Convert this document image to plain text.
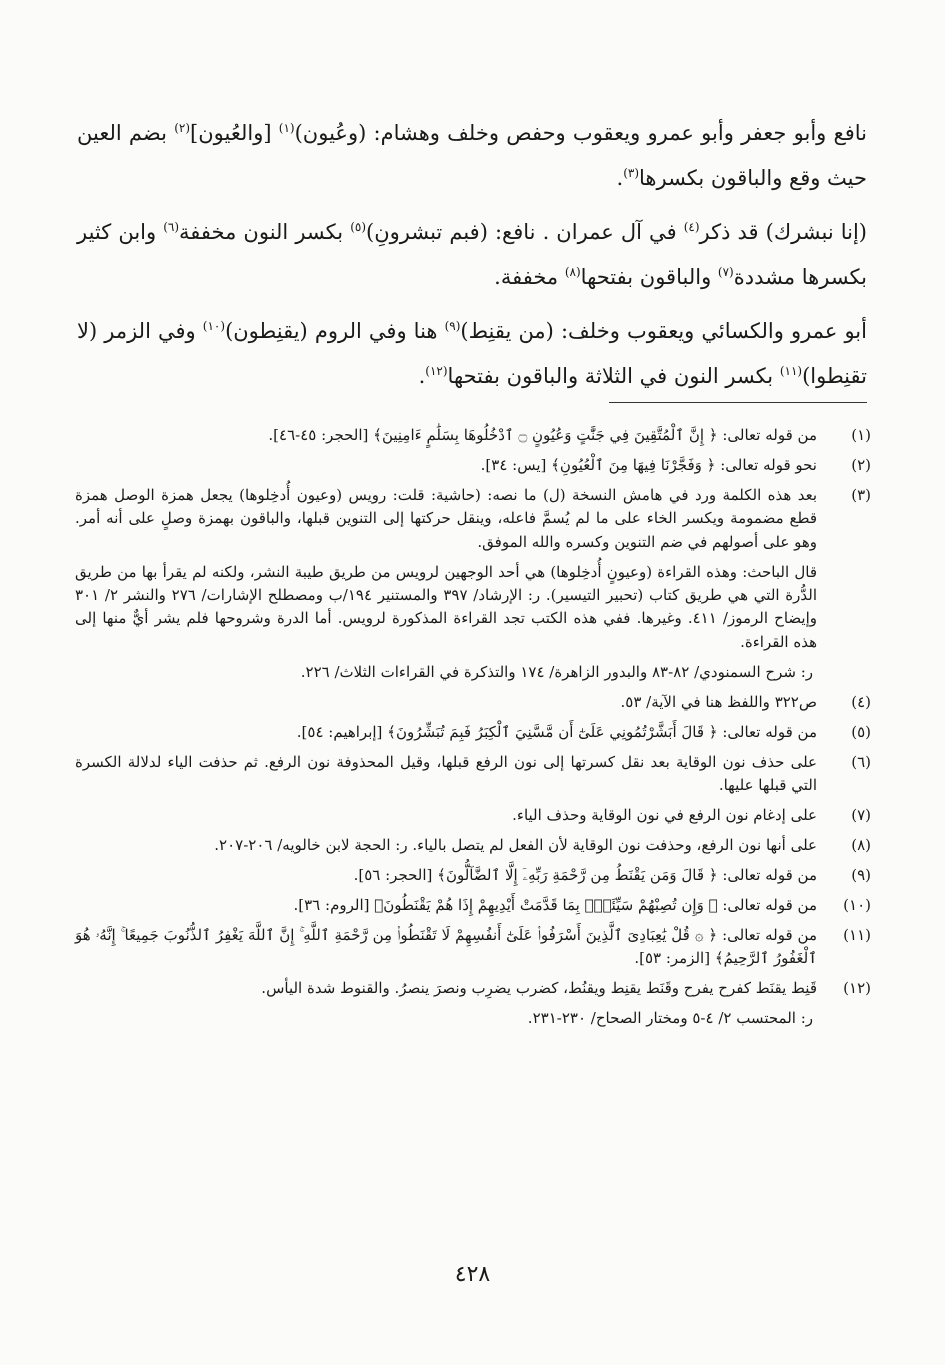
نافع وأبو جعفر وأبو عمرو ويعقوب وحفص وخلف وهشام: (وعُيون)$^{(١)}$ [والعُيون]$^{(٢)}$ بضم العين حيث وقع والباقون بكسرها$^{(٣)}$.

(إنا نبشرك) قد ذكر$^{(٤)}$ في آل عمران . نافع: (فبم تبشرونِ)$^{(٥)}$ بكسر النون مخففة$^{(٦)}$ وابن كثير بكسرها مشددة$^{(٧)}$ والباقون بفتحها$^{(٨)}$ مخففة.

أبو عمرو والكسائي ويعقوب وخلف: (من يقنِط)$^{(٩)}$ هنا وفي الروم (يقنِطون)$^{(١٠)}$ وفي الزمر (لا تقنِطوا)$^{(١١)}$ بكسر النون في الثلاثة والباقون بفتحها$^{(١٢)}$.

(١)
من قوله تعالى: ﴿ إِنَّ ٱلْمُتَّقِينَ فِي جَنَّٰتٍ وَعُيُونٍ ۝ ٱدْخُلُوهَا بِسَلَٰمٍ ءَامِنِينَ﴾ [الحجر: ٤٥-٤٦].
(٢)
نحو قوله تعالى: ﴿ وَفَجَّرْنَا فِيهَا مِنَ ٱلْعُيُونِ﴾ [يس: ٣٤].
(٣)
بعد هذه الكلمة ورد في هامش النسخة (ل) ما نصه: (حاشية: قلت: رويس (وعيون أُدخِلوها) يجعل همزة الوصل همزة قطع مضمومة ويكسر الخاء على ما لم يُسمَّ فاعله، وينقل حركتها إلى التنوين قبلها، والباقون بهمزة وصلٍ على أنه أمر. وهو على أصولهم في ضم التنوين وكسره والله الموفق.
قال الباحث: وهذه القراءة (وعيونٍ أُدخِلوها) هي أحد الوجهين لرويس من طريق طيبة النشر، ولكنه لم يقرأ بها من طريق الدُّرة التي هي طريق كتاب (تحبير التيسير). ر: الإرشاد/ ٣٩٧ والمستنير ١٩٤/ب ومصطلح الإشارات/ ٢٧٦ والنشر ٢/ ٣٠١ وإيضاح الرموز/ ٤١١. وغيرها. ففي هذه الكتب تجد القراءة المذكورة لرويس. أما الدرة وشروحها فلم يشر أيٌّ منها إلى هذه القراءة.
ر: شرح السمنودي/ ٨٢-٨٣ والبدور الزاهرة/ ١٧٤ والتذكرة في القراءات الثلاث/ ٢٢٦.
(٤)
ص٣٢٢ واللفظ هنا في الآية/ ٥٣.
(٥)
من قوله تعالى: ﴿ قَالَ أَبَشَّرْتُمُونِي عَلَىٰٓ أَن مَّسَّنِيَ ٱلْكِبَرُ فَبِمَ تُبَشِّرُونَ﴾ [إبراهيم: ٥٤].
(٦)
على حذف نون الوقاية بعد نقل كسرتها إلى نون الرفع قبلها، وقيل المحذوفة نون الرفع. ثم حذفت الياء لدلالة الكسرة التي قبلها عليها.
(٧)
على إدغام نون الرفع في نون الوقاية وحذف الياء.
(٨)
على أنها نون الرفع، وحذفت نون الوقاية لأن الفعل لم يتصل بالياء. ر: الحجة لابن خالويه/ ٢٠٦-٢٠٧.
(٩)
من قوله تعالى: ﴿ قَالَ وَمَن يَقْنَطُ مِن رَّحْمَةِ رَبِّهِۦٓ إِلَّا ٱلضَّآلُّونَ﴾ [الحجر: ٥٦].
(١٠)
من قوله تعالى: ﴿ وَإِن تُصِبْهُمْ سَيِّئَةٌۢ بِمَا قَدَّمَتْ أَيْدِيهِمْ إِذَا هُمْ يَقْنَطُونَ﴾ [الروم: ٣٦].
(١١)
من قوله تعالى: ﴿ ۞ قُلْ يَٰعِبَادِىَ ٱلَّذِينَ أَسْرَفُوا۟ عَلَىٰٓ أَنفُسِهِمْ لَا تَقْنَطُوا۟ مِن رَّحْمَةِ ٱللَّهِ ۚ إِنَّ ٱللَّهَ يَغْفِرُ ٱلذُّنُوبَ جَمِيعًا ۚ إِنَّهُۥ هُوَ ٱلْغَفُورُ ٱلرَّحِيمُ﴾ [الزمر: ٥٣].
(١٢)
قَنِط يقنَط كفرح يفرح وقَنَط يقنِط ويقنُط، كضرب يضرِب ونصرَ ينصرُ. والقنوط شدة اليأس.
ر: المحتسب ٢/ ٤-٥ ومختار الصحاح/ ٢٣٠-٢٣١.
٤٢٨
